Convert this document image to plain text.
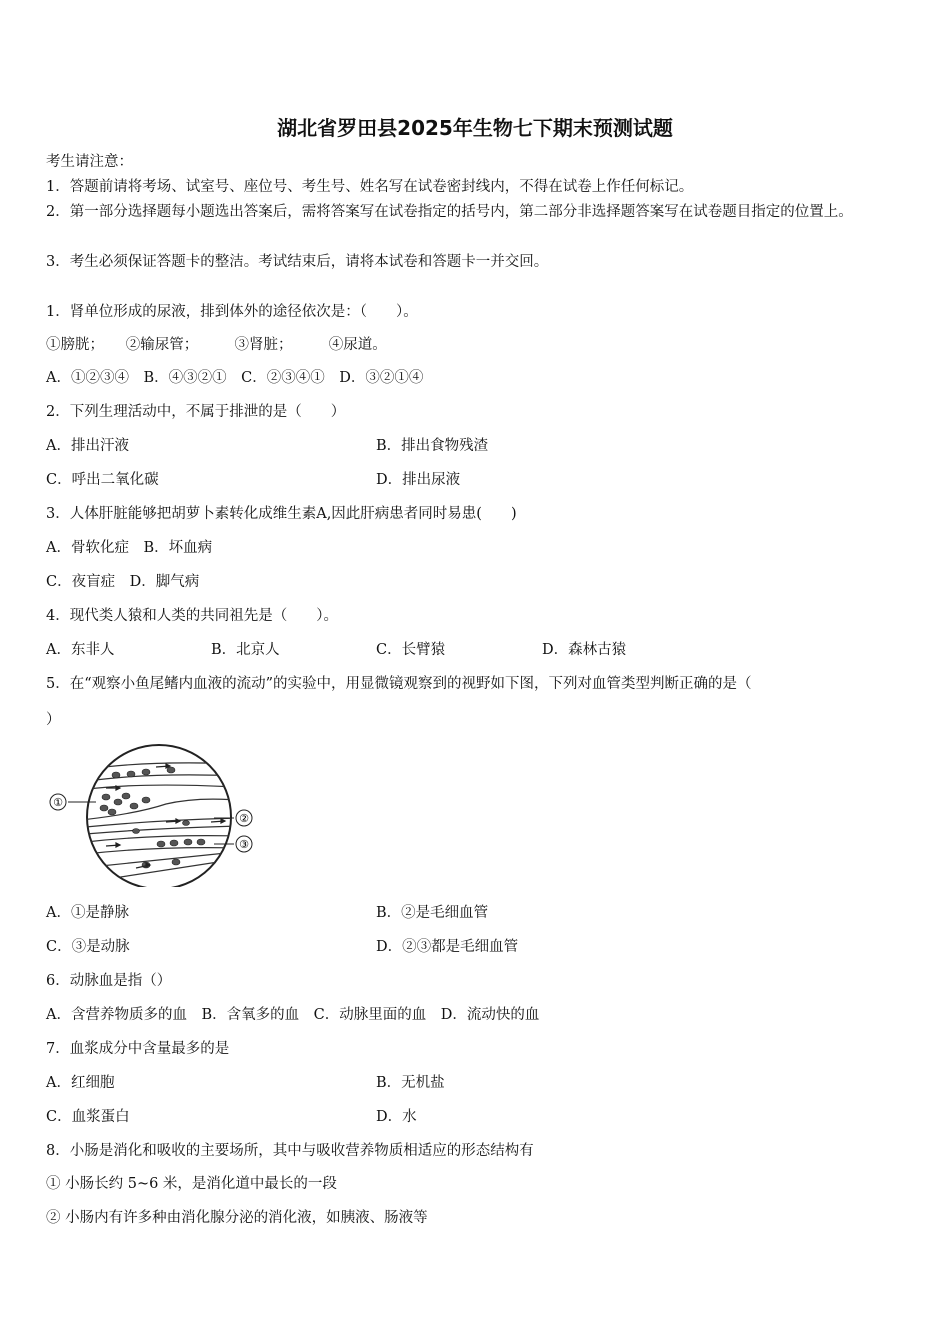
湖北省罗田县2025年生物七下期末预测试题
考生请注意：
1．答题前请将考场、试室号、座位号、考生号、姓名写在试卷密封线内，不得在试卷上作任何标记。
2．第一部分选择题每小题选出答案后，需将答案写在试卷指定的括号内，第二部分非选择题答案写在试卷题目指定的位置上。
3．考生必须保证答题卡的整洁。考试结束后，请将本试卷和答题卡一并交回。
1．肾单位形成的尿液，排到体外的途径依次是：（　　）。
①膀胱；　　②输尿管；　　　③肾脏；　　　④尿道。
A．①②③④　B．④③②①　C．②③④①　D．③②①④
2．下列生理活动中，不属于排泄的是（　　）
A．排出汗液	B．排出食物残渣
C．呼出二氧化碳	D．排出尿液
3．人体肝脏能够把胡萝卜素转化成维生素A,因此肝病患者同时易患(　　)
A．骨软化症　B．坏血病
C．夜盲症　D．脚气病
4．现代类人猿和人类的共同祖先是（　　）。
A．东非人	B．北京人	C．长臂猿	D．森林古猿
5．在“观察小鱼尾鳍内血液的流动”的实验中，用显微镜观察到的视野如下图，下列对血管类型判断正确的是（
）
①
②
③
A．①是静脉	B．②是毛细血管
C．③是动脉	D．②③都是毛细血管
6．动脉血是指（）
A．含营养物质多的血　B．含氧多的血　C．动脉里面的血　D．流动快的血
7．血浆成分中含量最多的是
A．红细胞	B．无机盐
C．血浆蛋白	D．水
8．小肠是消化和吸收的主要场所，其中与吸收营养物质相适应的形态结构有
① 小肠长约 5~6 米，是消化道中最长的一段
② 小肠内有许多种由消化腺分泌的消化液，如胰液、肠液等
